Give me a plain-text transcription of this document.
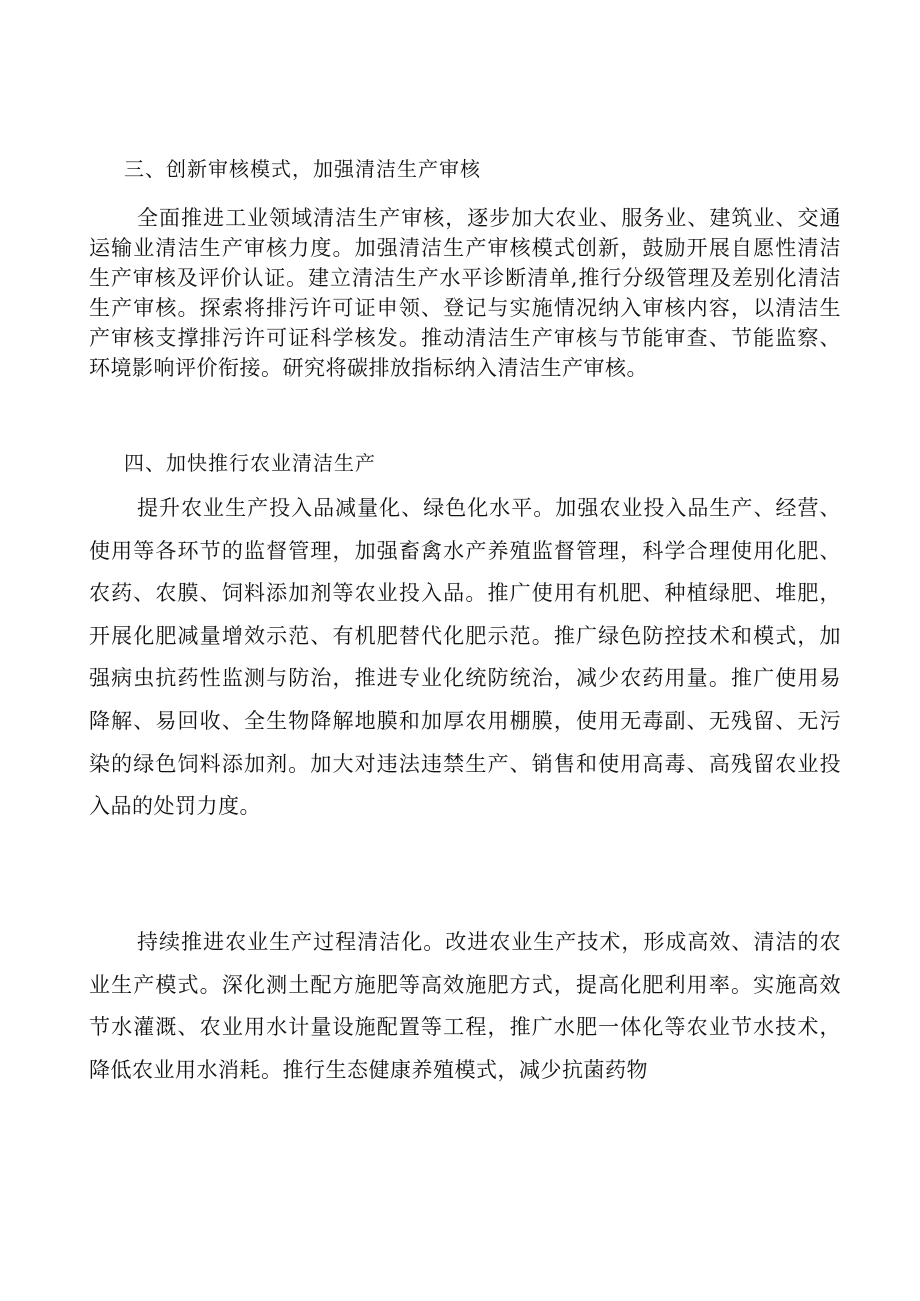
三、创新审核模式，加强清洁生产审核

全面推进工业领域清洁生产审核，逐步加大农业、服务业、建筑业、交通运输业清洁生产审核力度。加强清洁生产审核模式创新，鼓励开展自愿性清洁生产审核及评价认证。建立清洁生产水平诊断清单,推行分级管理及差别化清洁生产审核。探索将排污许可证申领、登记与实施情况纳入审核内容，以清洁生产审核支撑排污许可证科学核发。推动清洁生产审核与节能审查、节能监察、环境影响评价衔接。研究将碳排放指标纳入清洁生产审核。

四、加快推行农业清洁生产

提升农业生产投入品减量化、绿色化水平。加强农业投入品生产、经营、使用等各环节的监督管理，加强畜禽水产养殖监督管理，科学合理使用化肥、农药、农膜、饲料添加剂等农业投入品。推广使用有机肥、种植绿肥、堆肥，开展化肥减量增效示范、有机肥替代化肥示范。推广绿色防控技术和模式，加强病虫抗药性监测与防治，推进专业化统防统治，减少农药用量。推广使用易降解、易回收、全生物降解地膜和加厚农用棚膜，使用无毒副、无残留、无污染的绿色饲料添加剂。加大对违法违禁生产、销售和使用高毒、高残留农业投入品的处罚力度。

持续推进农业生产过程清洁化。改进农业生产技术，形成高效、清洁的农业生产模式。深化测土配方施肥等高效施肥方式，提高化肥利用率。实施高效节水灌溉、农业用水计量设施配置等工程，推广水肥一体化等农业节水技术，降低农业用水消耗。推行生态健康养殖模式，减少抗菌药物
